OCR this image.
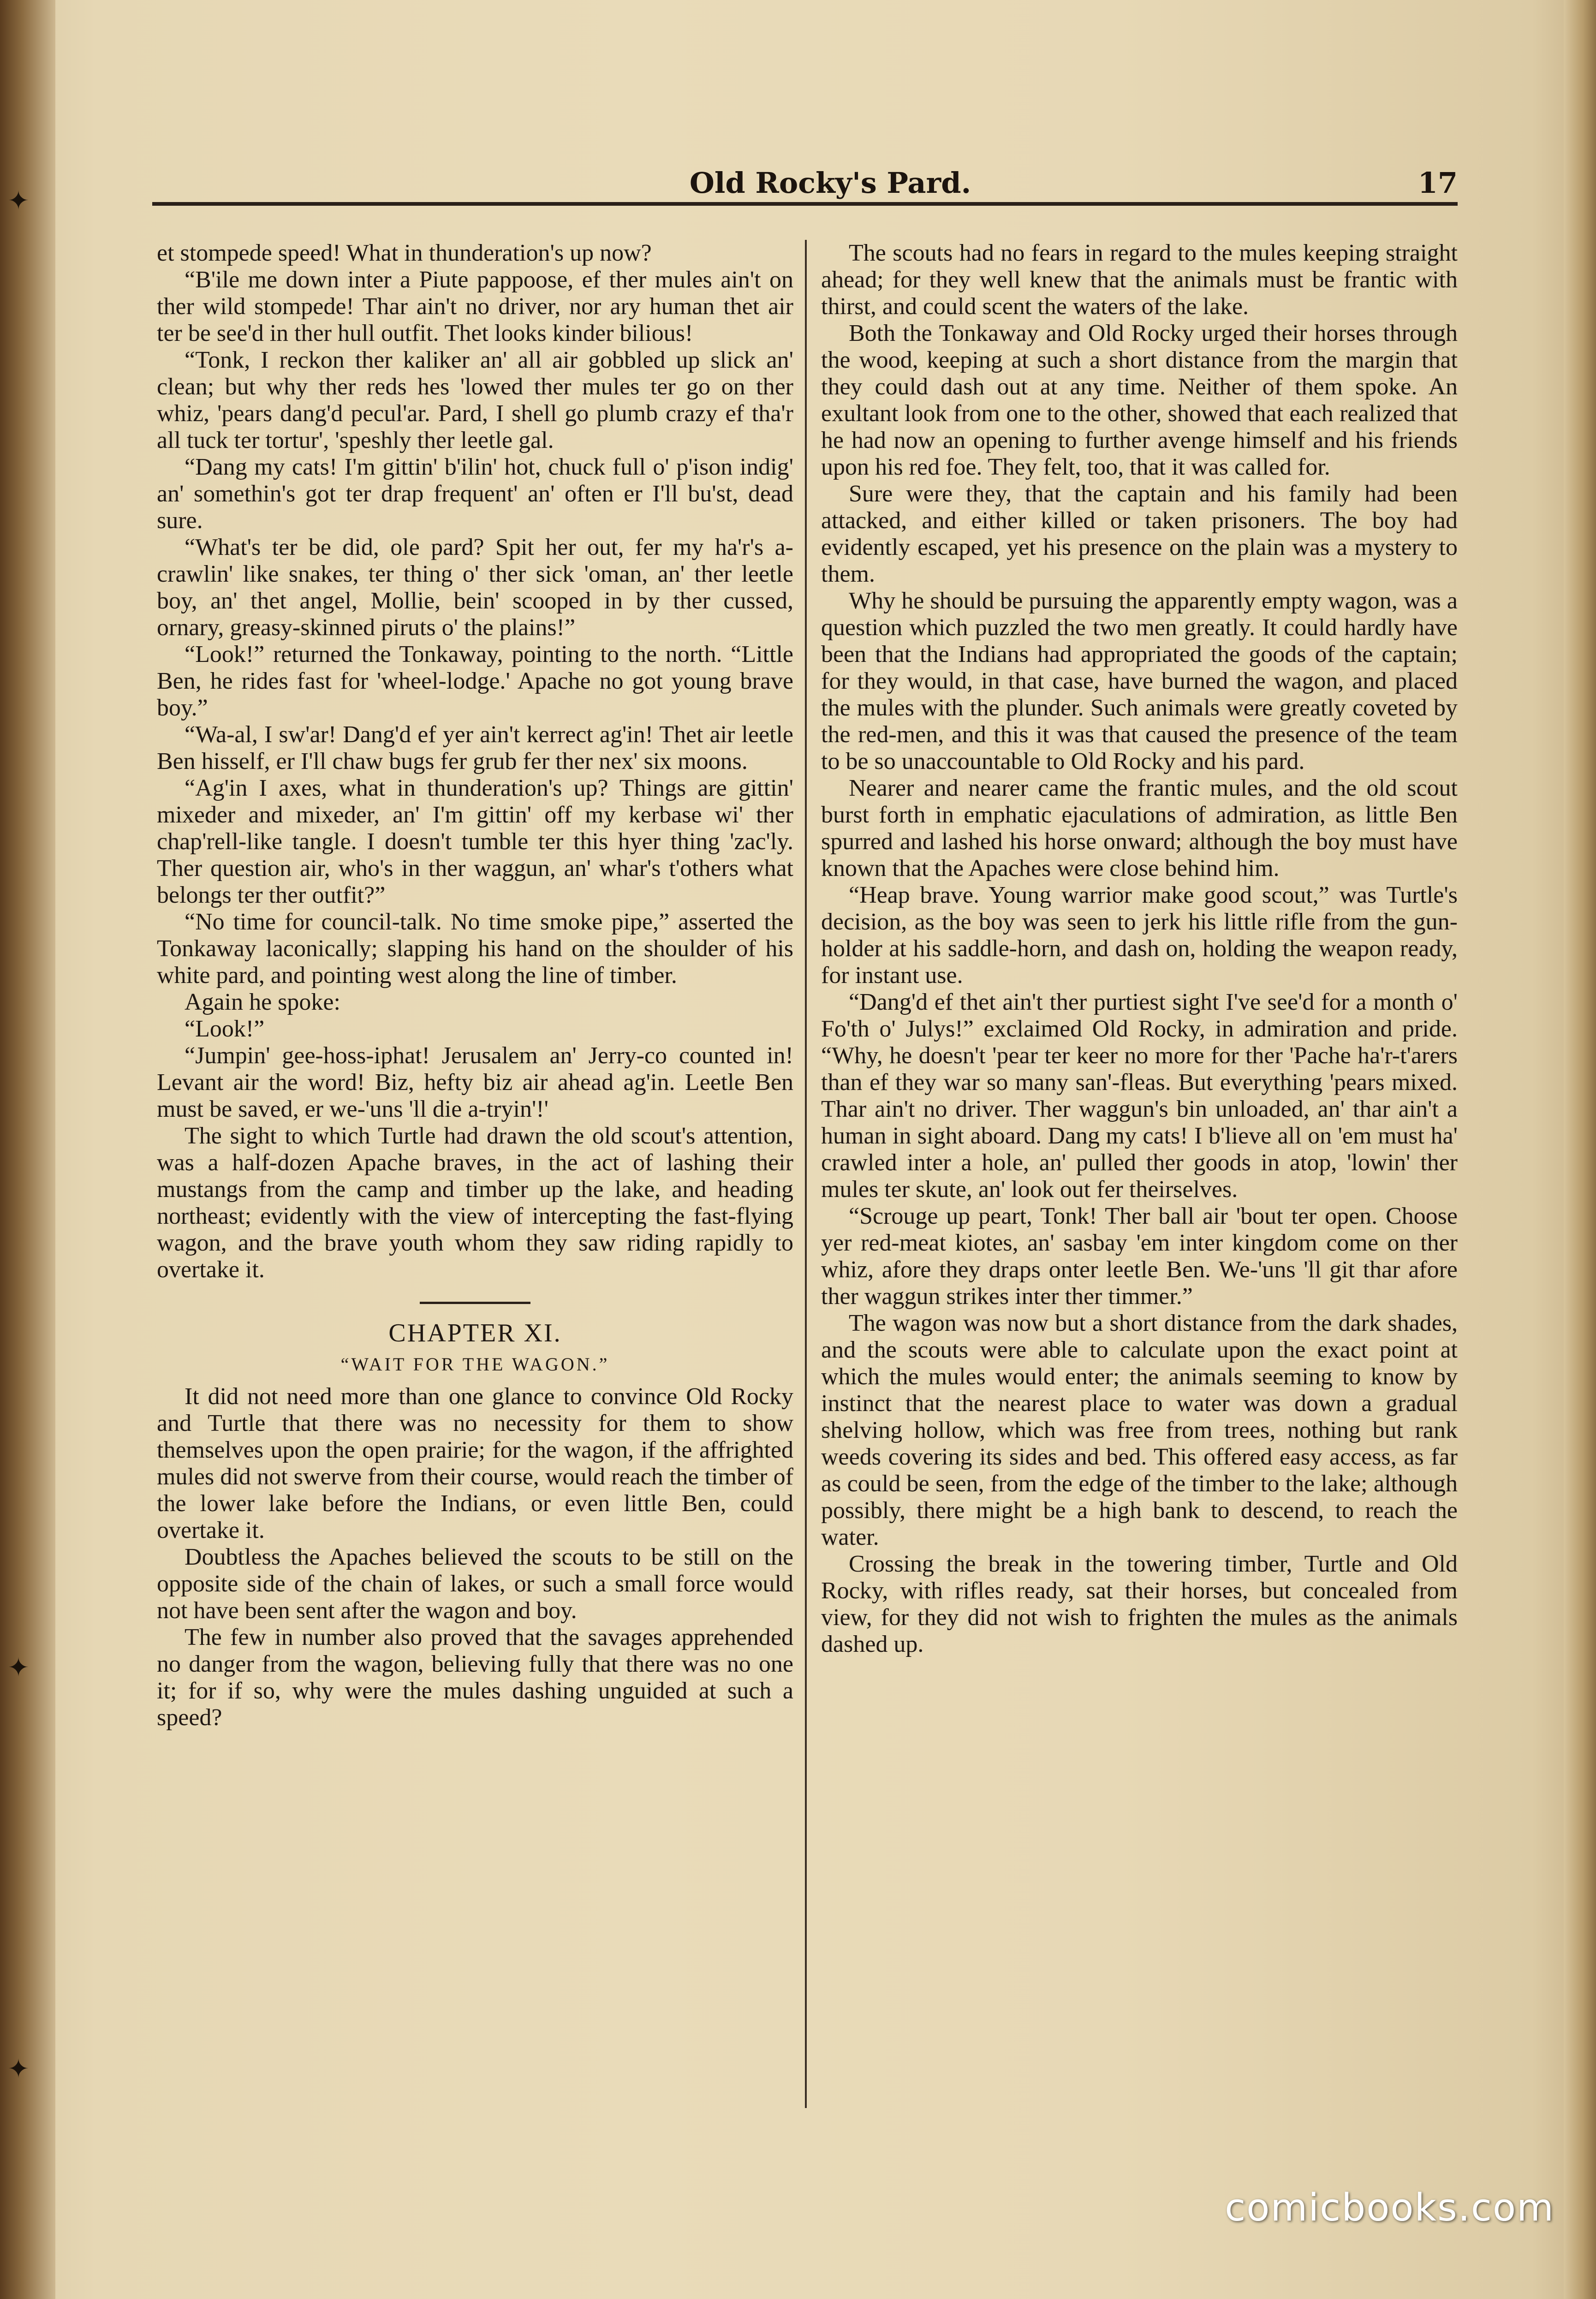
✦
✦
✦
Old Rocky's Pard.	17

et stompede speed! What in thunderation's up now?

“B'ile me down inter a Piute pappoose, ef ther mules ain't on ther wild stompede! Thar ain't no driver, nor ary human thet air ter be see'd in ther hull outfit. Thet looks kinder bilious!

“Tonk, I reckon ther kaliker an' all air gobbled up slick an' clean; but why ther reds hes 'lowed ther mules ter go on ther whiz, 'pears dang'd pecul'ar. Pard, I shell go plumb crazy ef tha'r all tuck ter tortur', 'speshly ther leetle gal.

“Dang my cats! I'm gittin' b'ilin' hot, chuck full o' p'ison indig' an' somethin's got ter drap frequent' an' often er I'll bu'st, dead sure.

“What's ter be did, ole pard? Spit her out, fer my ha'r's a-crawlin' like snakes, ter thing o' ther sick 'oman, an' ther leetle boy, an' thet angel, Mollie, bein' scooped in by ther cussed, ornary, greasy-skinned piruts o' the plains!”

“Look!” returned the Tonkaway, pointing to the north. “Little Ben, he rides fast for 'wheel-lodge.' Apache no got young brave boy.”

“Wa-al, I sw'ar! Dang'd ef yer ain't kerrect ag'in! Thet air leetle Ben hisself, er I'll chaw bugs fer grub fer ther nex' six moons.

“Ag'in I axes, what in thunderation's up? Things are gittin' mixeder and mixeder, an' I'm gittin' off my kerbase wi' ther chap'rell-like tangle. I doesn't tumble ter this hyer thing 'zac'ly. Ther question air, who's in ther waggun, an' whar's t'others what belongs ter ther outfit?”

“No time for council-talk. No time smoke pipe,” asserted the Tonkaway laconically; slapping his hand on the shoulder of his white pard, and pointing west along the line of timber.

Again he spoke:

“Look!”

“Jumpin' gee-hoss-iphat! Jerusalem an' Jerry-co counted in! Levant air the word! Biz, hefty biz air ahead ag'in. Leetle Ben must be saved, er we-'uns 'll die a-tryin'!'

The sight to which Turtle had drawn the old scout's attention, was a half-dozen Apache braves, in the act of lashing their mustangs from the camp and timber up the lake, and heading northeast; evidently with the view of intercepting the fast-flying wagon, and the brave youth whom they saw riding rapidly to overtake it.

CHAPTER XI.

“WAIT FOR THE WAGON.”

It did not need more than one glance to convince Old Rocky and Turtle that there was no necessity for them to show themselves upon the open prairie; for the wagon, if the affrighted mules did not swerve from their course, would reach the timber of the lower lake before the Indians, or even little Ben, could overtake it.

Doubtless the Apaches believed the scouts to be still on the opposite side of the chain of lakes, or such a small force would not have been sent after the wagon and boy.

The few in number also proved that the savages apprehended no danger from the wagon, believing fully that there was no one it; for if so, why were the mules dashing unguided at such a speed?

The scouts had no fears in regard to the mules keeping straight ahead; for they well knew that the animals must be frantic with thirst, and could scent the waters of the lake.

Both the Tonkaway and Old Rocky urged their horses through the wood, keeping at such a short distance from the margin that they could dash out at any time. Neither of them spoke. An exultant look from one to the other, showed that each realized that he had now an opening to further avenge himself and his friends upon his red foe. They felt, too, that it was called for.

Sure were they, that the captain and his family had been attacked, and either killed or taken prisoners. The boy had evidently escaped, yet his presence on the plain was a mystery to them.

Why he should be pursuing the apparently empty wagon, was a question which puzzled the two men greatly. It could hardly have been that the Indians had appropriated the goods of the captain; for they would, in that case, have burned the wagon, and placed the mules with the plunder. Such animals were greatly coveted by the red-men, and this it was that caused the presence of the team to be so unaccountable to Old Rocky and his pard.

Nearer and nearer came the frantic mules, and the old scout burst forth in emphatic ejaculations of admiration, as little Ben spurred and lashed his horse onward; although the boy must have known that the Apaches were close behind him.

“Heap brave. Young warrior make good scout,” was Turtle's decision, as the boy was seen to jerk his little rifle from the gun-holder at his saddle-horn, and dash on, holding the weapon ready, for instant use.

“Dang'd ef thet ain't ther purtiest sight I've see'd for a month o' Fo'th o' Julys!” exclaimed Old Rocky, in admiration and pride. “Why, he doesn't 'pear ter keer no more for ther 'Pache ha'r-t'arers than ef they war so many san'-fleas. But everything 'pears mixed. Thar ain't no driver. Ther waggun's bin unloaded, an' thar ain't a human in sight aboard. Dang my cats! I b'lieve all on 'em must ha' crawled inter a hole, an' pulled ther goods in atop, 'lowin' ther mules ter skute, an' look out fer theirselves.

“Scrouge up peart, Tonk! Ther ball air 'bout ter open. Choose yer red-meat kiotes, an' sasbay 'em inter kingdom come on ther whiz, afore they draps onter leetle Ben. We-'uns 'll git thar afore ther waggun strikes inter ther timmer.”

The wagon was now but a short distance from the dark shades, and the scouts were able to calculate upon the exact point at which the mules would enter; the animals seeming to know by instinct that the nearest place to water was down a gradual shelving hollow, which was free from trees, nothing but rank weeds covering its sides and bed. This offered easy access, as far as could be seen, from the edge of the timber to the lake; although possibly, there might be a high bank to descend, to reach the water.

Crossing the break in the towering timber, Turtle and Old Rocky, with rifles ready, sat their horses, but concealed from view, for they did not wish to frighten the mules as the animals dashed up.

comicbooks.com
